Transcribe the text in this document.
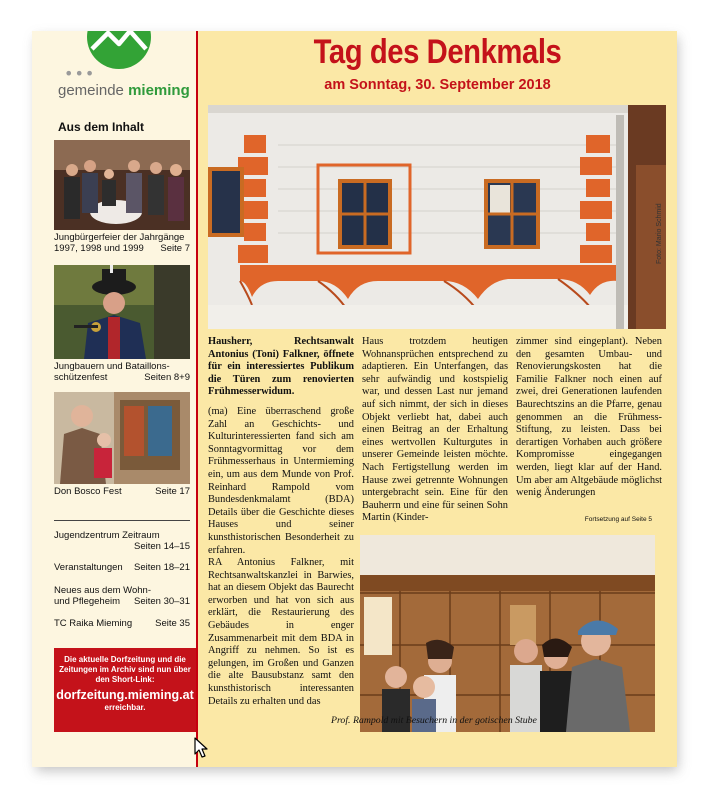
•••
gemeinde mieming
Aus dem Inhalt
Jungbürgerfeier der Jahrgänge
1997, 1998 und 1999 Seite 7
Jungbauern und Bataillons-
schützenfest	Seiten 8+9
Don Bosco Fest	Seite 17
Jugendzentrum Zeitraum
Seiten 14–15
Veranstaltungen Seiten 18–21
Neues aus dem Wohn-
und Pflegeheim Seiten 30–31
TC Raika Mieming Seite 35
Die aktuelle Dorfzeitung und die Zeitungen im Archiv sind nun über den Short-Link:
dorfzeitung.mieming.at
erreichbar.
Tag des Denkmals
am Sonntag, 30. September 2018
Foto: Mario Schmid

Hausherr, Rechtsanwalt Antonius (Toni) Falkner, öffnete für ein interessiertes Publikum die Türen zum renovierten Frühmesserwidum.

(ma) Eine überraschend große Zahl an Geschichts- und Kulturinteressierten fand sich am Sonntagvormittag vor dem Frühmesserhaus in Untermieming ein, um aus dem Munde von Prof. Reinhard Rampold vom Bundesdenkmalamt (BDA) Details über die Geschichte dieses Hauses und seiner kunsthistorischen Besonderheit zu erfahren.

RA Antonius Falkner, mit Rechtsanwaltskanzlei in Barwies, hat an diesem Objekt das Baurecht erworben und hat von sich aus erklärt, die Restaurierung des Gebäudes in enger Zusammenarbeit mit dem BDA in Angriff zu nehmen. So ist es gelungen, im Großen und Ganzen die alte Bausubstanz samt den kunsthistorisch interessanten Details zu erhalten und das

Haus trotzdem heutigen Wohnansprüchen entsprechend zu adaptieren. Ein Unterfangen, das sehr aufwändig und kostspielig war, und dessen Last nur jemand auf sich nimmt, der sich in dieses Objekt verliebt hat, dabei auch einen Beitrag an der Erhaltung eines wertvollen Kulturgutes in unserer Gemeinde leisten möchte. Nach Fertigstellung werden im Hause zwei getrennte Wohnungen untergebracht sein. Eine für den Bauherrn und eine für seinen Sohn Martin (Kinder-

zimmer sind eingeplant). Neben den gesamten Umbau- und Renovierungskosten hat die Familie Falkner noch einen auf zwei, drei Generationen laufenden Baurechtszins an die Pfarre, genau genommen an die Frühmess-Stiftung, zu leisten. Dass bei derartigen Vorhaben auch größere Kompromisse eingegangen werden, liegt klar auf der Hand. Um aber am Altgebäude möglichst wenig Änderungen

Fortsetzung auf Seite 5
Prof. Rampold mit Besuchern in der gotischen Stube
